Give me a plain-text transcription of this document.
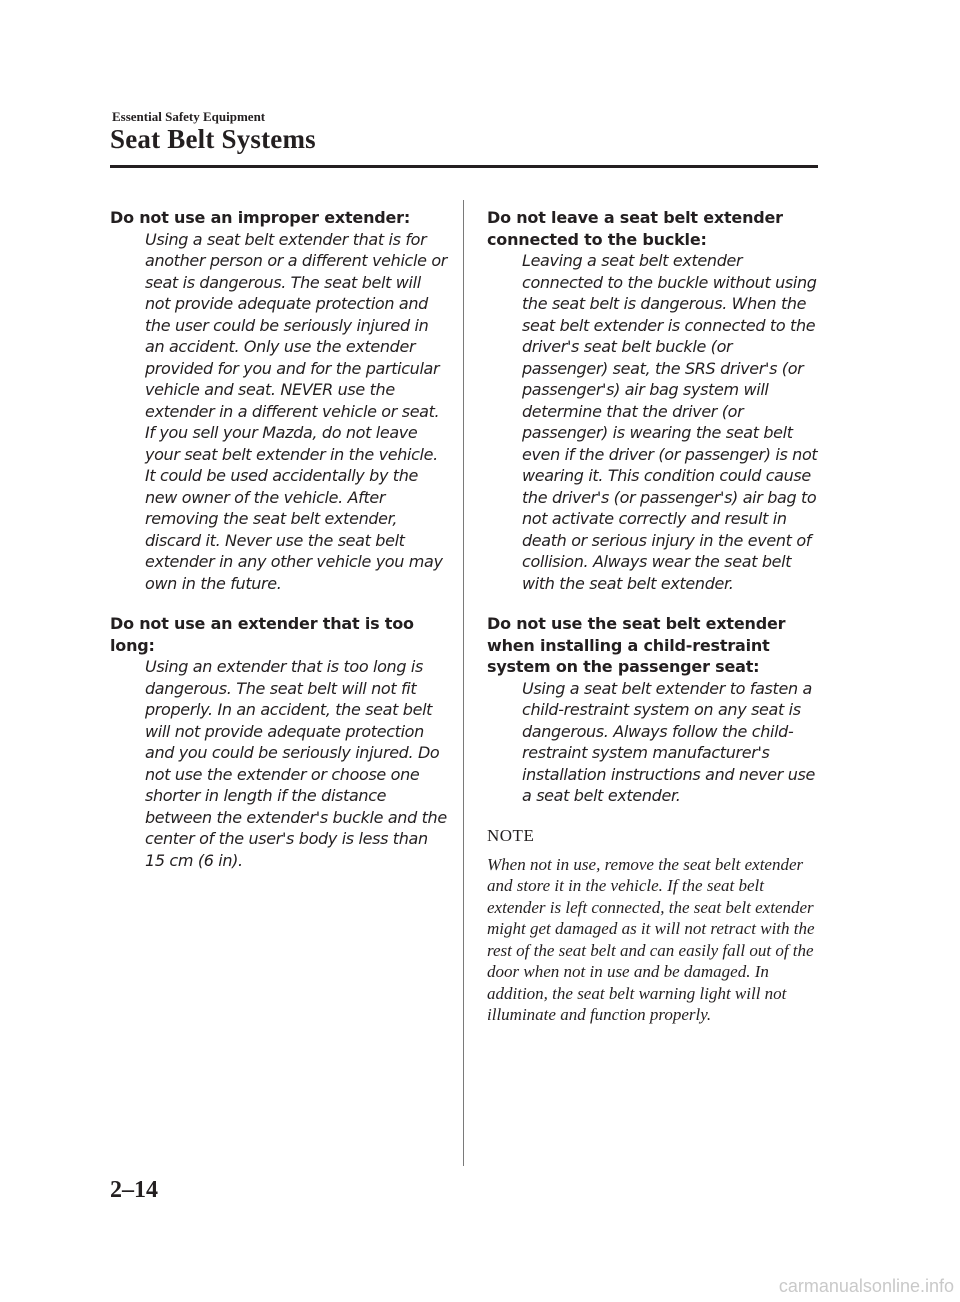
Essential Safety Equipment
Seat Belt Systems

Do not use an improper extender:

Using a seat belt extender that is for another person or a different vehicle or seat is dangerous. The seat belt will not provide adequate protection and the user could be seriously injured in an accident. Only use the extender provided for you and for the particular vehicle and seat. NEVER use the extender in a different vehicle or seat. If you sell your Mazda, do not leave your seat belt extender in the vehicle. It could be used accidentally by the new owner of the vehicle. After removing the seat belt extender, discard it. Never use the seat belt extender in any other vehicle you may own in the future.

Do not use an extender that is too long:

Using an extender that is too long is dangerous. The seat belt will not fit properly. In an accident, the seat belt will not provide adequate protection and you could be seriously injured. Do not use the extender or choose one shorter in length if the distance between the extender's buckle and the center of the user's body is less than 15 cm (6 in).

Do not leave a seat belt extender connected to the buckle:

Leaving a seat belt extender connected to the buckle without using the seat belt is dangerous. When the seat belt extender is connected to the driver's seat belt buckle (or passenger) seat, the SRS driver's (or passenger's) air bag system will determine that the driver (or passenger) is wearing the seat belt even if the driver (or passenger) is not wearing it. This condition could cause the driver's (or passenger's) air bag to not activate correctly and result in death or serious injury in the event of collision. Always wear the seat belt with the seat belt extender.

Do not use the seat belt extender when installing a child-restraint system on the passenger seat:

Using a seat belt extender to fasten a child-restraint system on any seat is dangerous. Always follow the child-restraint system manufacturer's installation instructions and never use a seat belt extender.

NOTE

When not in use, remove the seat belt extender and store it in the vehicle. If the seat belt extender is left connected, the seat belt extender might get damaged as it will not retract with the rest of the seat belt and can easily fall out of the door when not in use and be damaged. In addition, the seat belt warning light will not illuminate and function properly.

2–14
carmanualsonline.info
